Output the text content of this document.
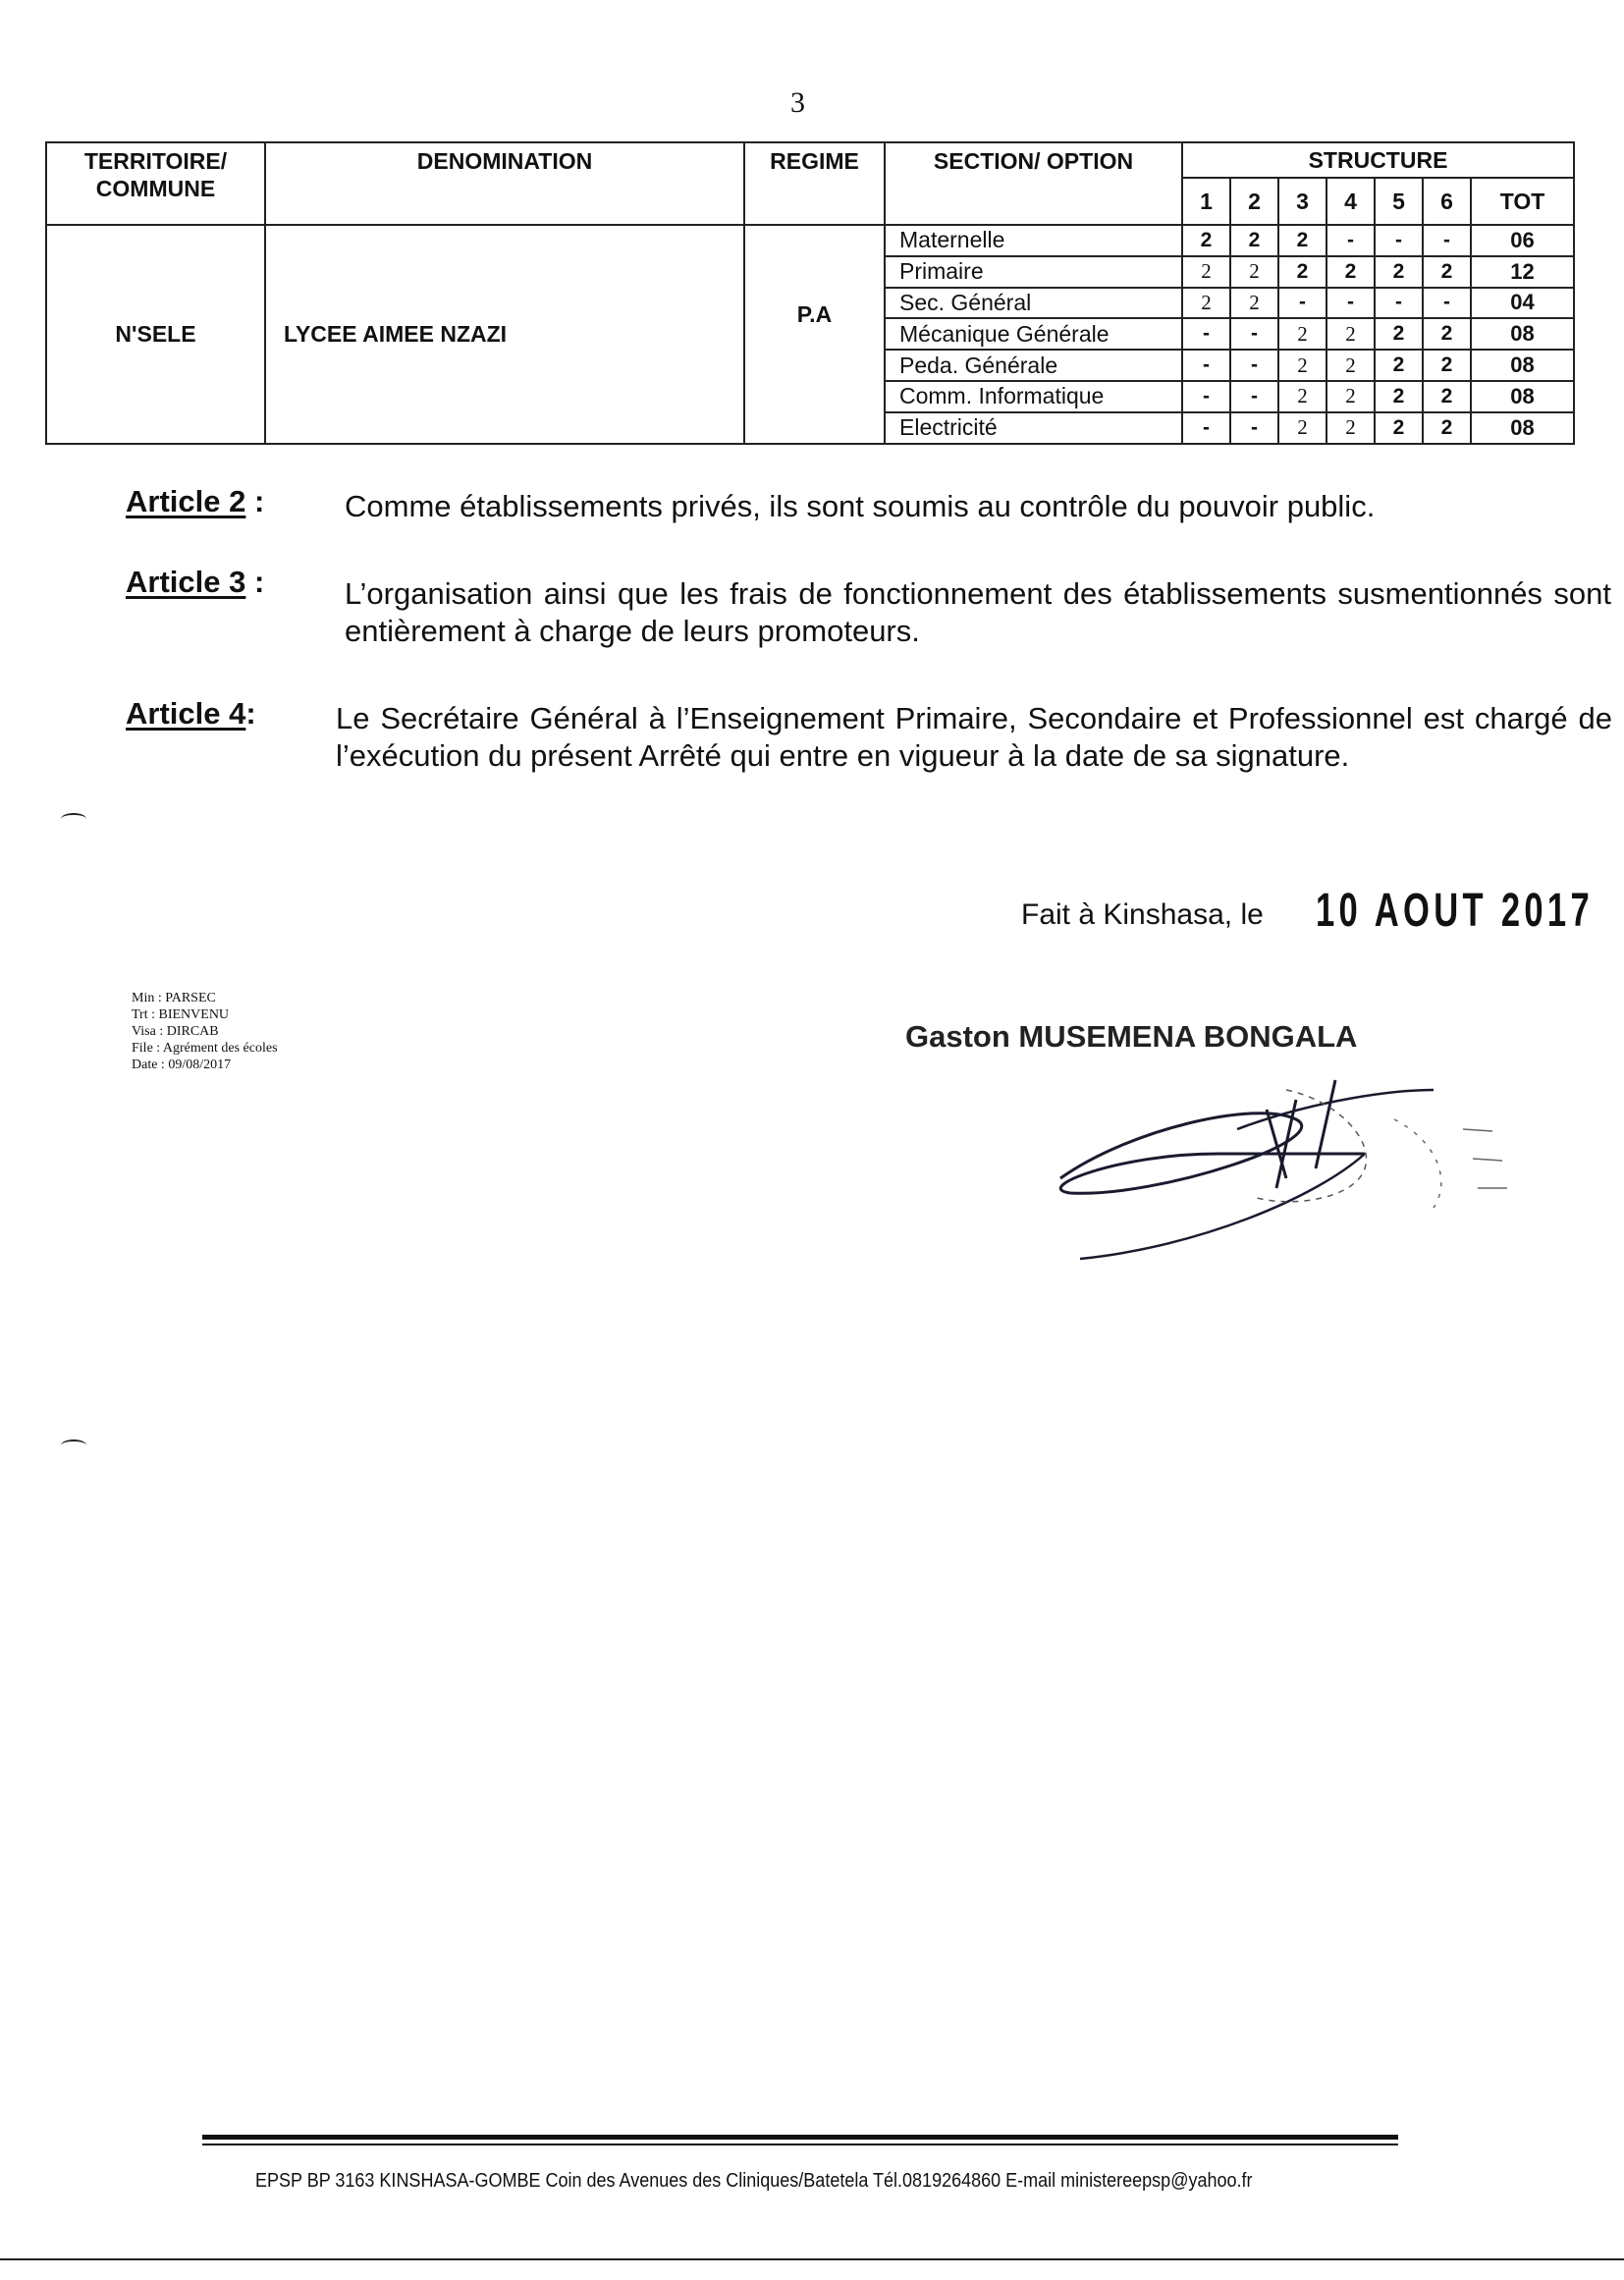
3
TERRITOIRE/ COMMUNE	DENOMINATION	REGIME	SECTION/ OPTION	STRUCTURE						
				1	2	3	4	5	6	TOT
N'SELE	LYCEE AIMEE NZAZI	P.A	Maternelle	2	2	2	-	-	-	06
			Primaire	2	2	2	2	2	2	12
			Sec. Général	2	2	-	-	-	-	04
			Mécanique Générale	-	-	2	2	2	2	08
			Peda. Générale	-	-	2	2	2	2	08
			Comm. Informatique	-	-	2	2	2	2	08
			Electricité	-	-	2	2	2	2	08
Article 2 :	Comme établissements privés, ils sont soumis au contrôle du pouvoir public.
Article 3 :	L’organisation ainsi que les frais de fonctionnement des établissements susmentionnés sont entièrement à charge de leurs promoteurs.
Article 4:	Le Secrétaire Général à l’Enseignement Primaire, Secondaire et Professionnel est chargé de l’exécution du présent Arrêté qui entre en vigueur à la date de sa signature.
Fait à Kinshasa, le 10 AOUT 2017
Min : PARSEC
Trt : BIENVENU
Visa : DIRCAB
File : Agrément des écoles
Date : 09/08/2017
Gaston MUSEMENA BONGALA
EPSP BP 3163 KINSHASA-GOMBE Coin des Avenues des Cliniques/Batetela Tél.0819264860 E-mail ministereepsp@yahoo.fr
